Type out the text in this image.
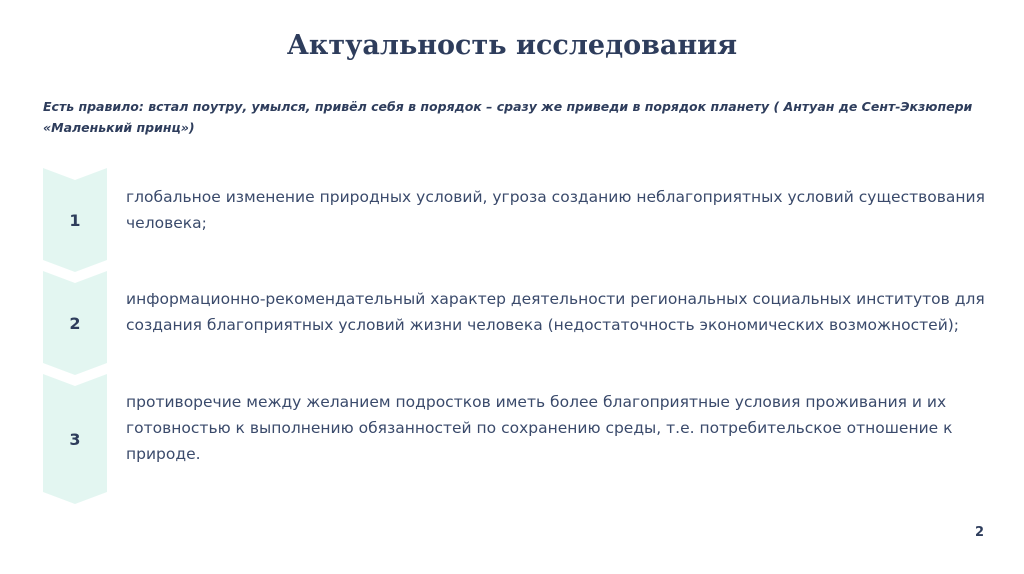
Актуальность исследования

Есть правило: встал поутру, умылся, привёл себя в порядок – сразу же приведи в порядок планету ( Антуан де Сент-Экзюпери «Маленький принц»)

1
2
3

глобальное изменение природных условий, угроза созданию неблагоприятных условий существования человека;

информационно-рекомендательный характер деятельности региональных социальных институтов для создания благоприятных условий жизни человека (недостаточность экономических возможностей);

противоречие между желанием подростков иметь более благоприятные условия проживания и их готовностью к выполнению обязанностей по сохранению среды, т.е. потребительское отношение к природе.

2
